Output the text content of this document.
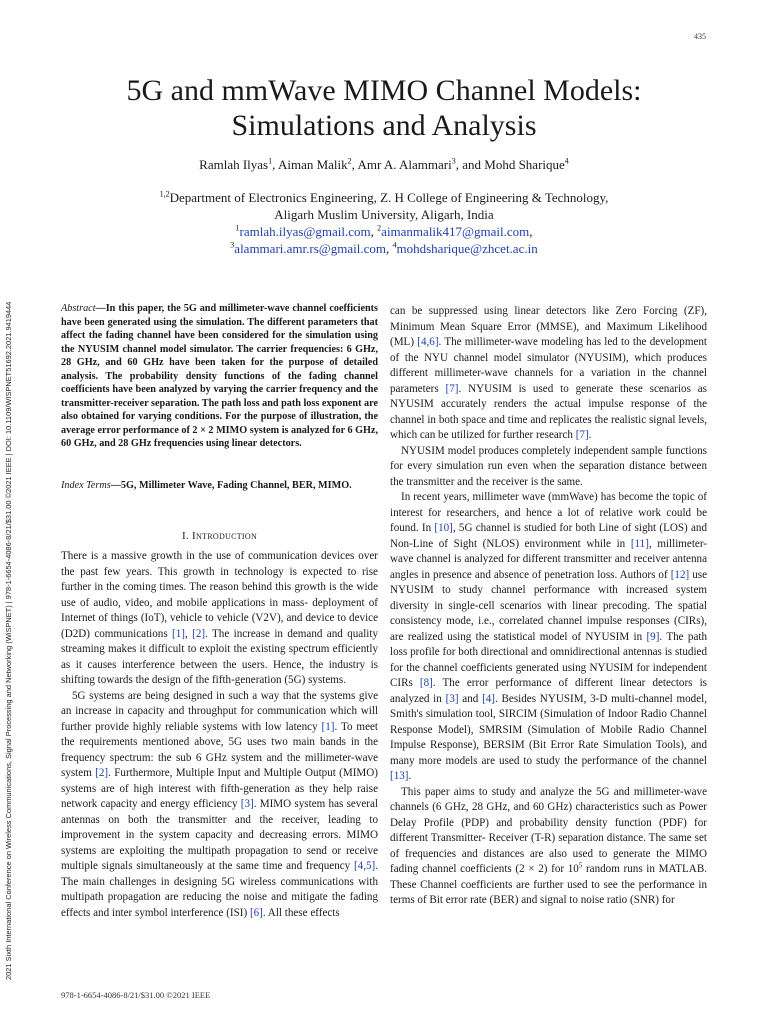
435
2021 Sixth International Conference on Wireless Communications, Signal Processing and Networking (WiSPNET) | 978-1-6654-4086-8/21/$31.00 ©2021 IEEE | DOI: 10.1109/WISPNET51692.2021.9419444
5G and mmWave MIMO Channel Models:
Simulations and Analysis
Ramlah Ilyas$^1$, Aiman Malik$^2$, Amr A. Alammari$^3$, and Mohd Sharique$^4$
$^{1,2}$Department of Electronics Engineering, Z. H College of Engineering & Technology,
Aligarh Muslim University, Aligarh, India
$^1$ramlah.ilyas@gmail.com, $^2$aimanmalik417@gmail.com,
$^3$alammari.amr.rs@gmail.com, $^4$mohdsharique@zhcet.ac.in
Abstract—In this paper, the 5G and millimeter-wave channel coefficients have been generated using the simulation. The different parameters that affect the fading channel have been considered for the simulation using the NYUSIM channel model simulator. The carrier frequencies: 6 GHz, 28 GHz, and 60 GHz have been taken for the purpose of detailed analysis. The probability density functions of the fading channel coefficients have been analyzed by varying the carrier frequency and the transmitter-receiver separation. The path loss and path loss exponent are also obtained for varying conditions. For the purpose of illustration, the average error performance of 2 × 2 MIMO system is analyzed for 6 GHz, 60 GHz, and 28 GHz frequencies using linear detectors.
Index Terms—5G, Millimeter Wave, Fading Channel, BER, MIMO.
I. Introduction

There is a massive growth in the use of communication devices over the past few years. This growth in technology is expected to rise further in the coming times. The reason behind this growth is the wide use of audio, video, and mobile applications in mass- deployment of Internet of things (IoT), vehicle to vehicle (V2V), and device to device (D2D) communications [1], [2]. The increase in demand and quality streaming makes it difficult to exploit the existing spectrum efficiently as it causes interference between the users. Hence, the industry is shifting towards the design of the fifth-generation (5G) systems.

5G systems are being designed in such a way that the systems give an increase in capacity and throughput for communication which will further provide highly reliable systems with low latency [1]. To meet the requirements mentioned above, 5G uses two main bands in the frequency spectrum: the sub 6 GHz system and the millimeter-wave system [2]. Furthermore, Multiple Input and Multiple Output (MIMO) systems are of high interest with fifth-generation as they help raise network capacity and energy efficiency [3]. MIMO system has several antennas on both the transmitter and the receiver, leading to improvement in the system capacity and decreasing errors. MIMO systems are exploiting the multipath propagation to send or receive multiple signals simultaneously at the same time and frequency [4,5]. The main challenges in designing 5G wireless communications with multipath propagation are reducing the noise and mitigate the fading effects and inter symbol interference (ISI) [6]. All these effects

can be suppressed using linear detectors like Zero Forcing (ZF), Minimum Mean Square Error (MMSE), and Maximum Likelihood (ML) [4,6]. The millimeter-wave modeling has led to the development of the NYU channel model simulator (NYUSIM), which produces different millimeter-wave channels for a variation in the channel parameters [7]. NYUSIM is used to generate these scenarios as NYUSIM accurately renders the actual impulse response of the channel in both space and time and replicates the realistic signal levels, which can be utilized for further research [7].

NYUSIM model produces completely independent sample functions for every simulation run even when the separation distance between the transmitter and the receiver is the same.

In recent years, millimeter wave (mmWave) has become the topic of interest for researchers, and hence a lot of relative work could be found. In [10], 5G channel is studied for both Line of sight (LOS) and Non-Line of Sight (NLOS) environment while in [11], millimeter-wave channel is analyzed for different transmitter and receiver antenna angles in presence and absence of penetration loss. Authors of [12] use NYUSIM to study channel performance with increased system diversity in single-cell scenarios with linear precoding. The spatial consistency mode, i.e., correlated channel impulse responses (CIRs), are realized using the statistical model of NYUSIM in [9]. The path loss profile for both directional and omnidirectional antennas is studied for the channel coefficients generated using NYUSIM for independent CIRs [8]. The error performance of different linear detectors is analyzed in [3] and [4]. Besides NYUSIM, 3-D multi-channel model, Smith's simulation tool, SIRCIM (Simulation of Indoor Radio Channel Response Model), SMRSIM (Simulation of Mobile Radio Channel Impulse Response), BERSIM (Bit Error Rate Simulation Tools), and many more models are used to study the performance of the channel [13].

This paper aims to study and analyze the 5G and millimeter-wave channels (6 GHz, 28 GHz, and 60 GHz) characteristics such as Power Delay Profile (PDP) and probability density function (PDF) for different Transmitter- Receiver (T-R) separation distance. The same set of frequencies and distances are also used to generate the MIMO fading channel coefficients (2 × 2) for $10^5$ random runs in MATLAB. These Channel coefficients are further used to see the performance in terms of Bit error rate (BER) and signal to noise ratio (SNR) for

978-1-6654-4086-8/21/$31.00 ©2021 IEEE
